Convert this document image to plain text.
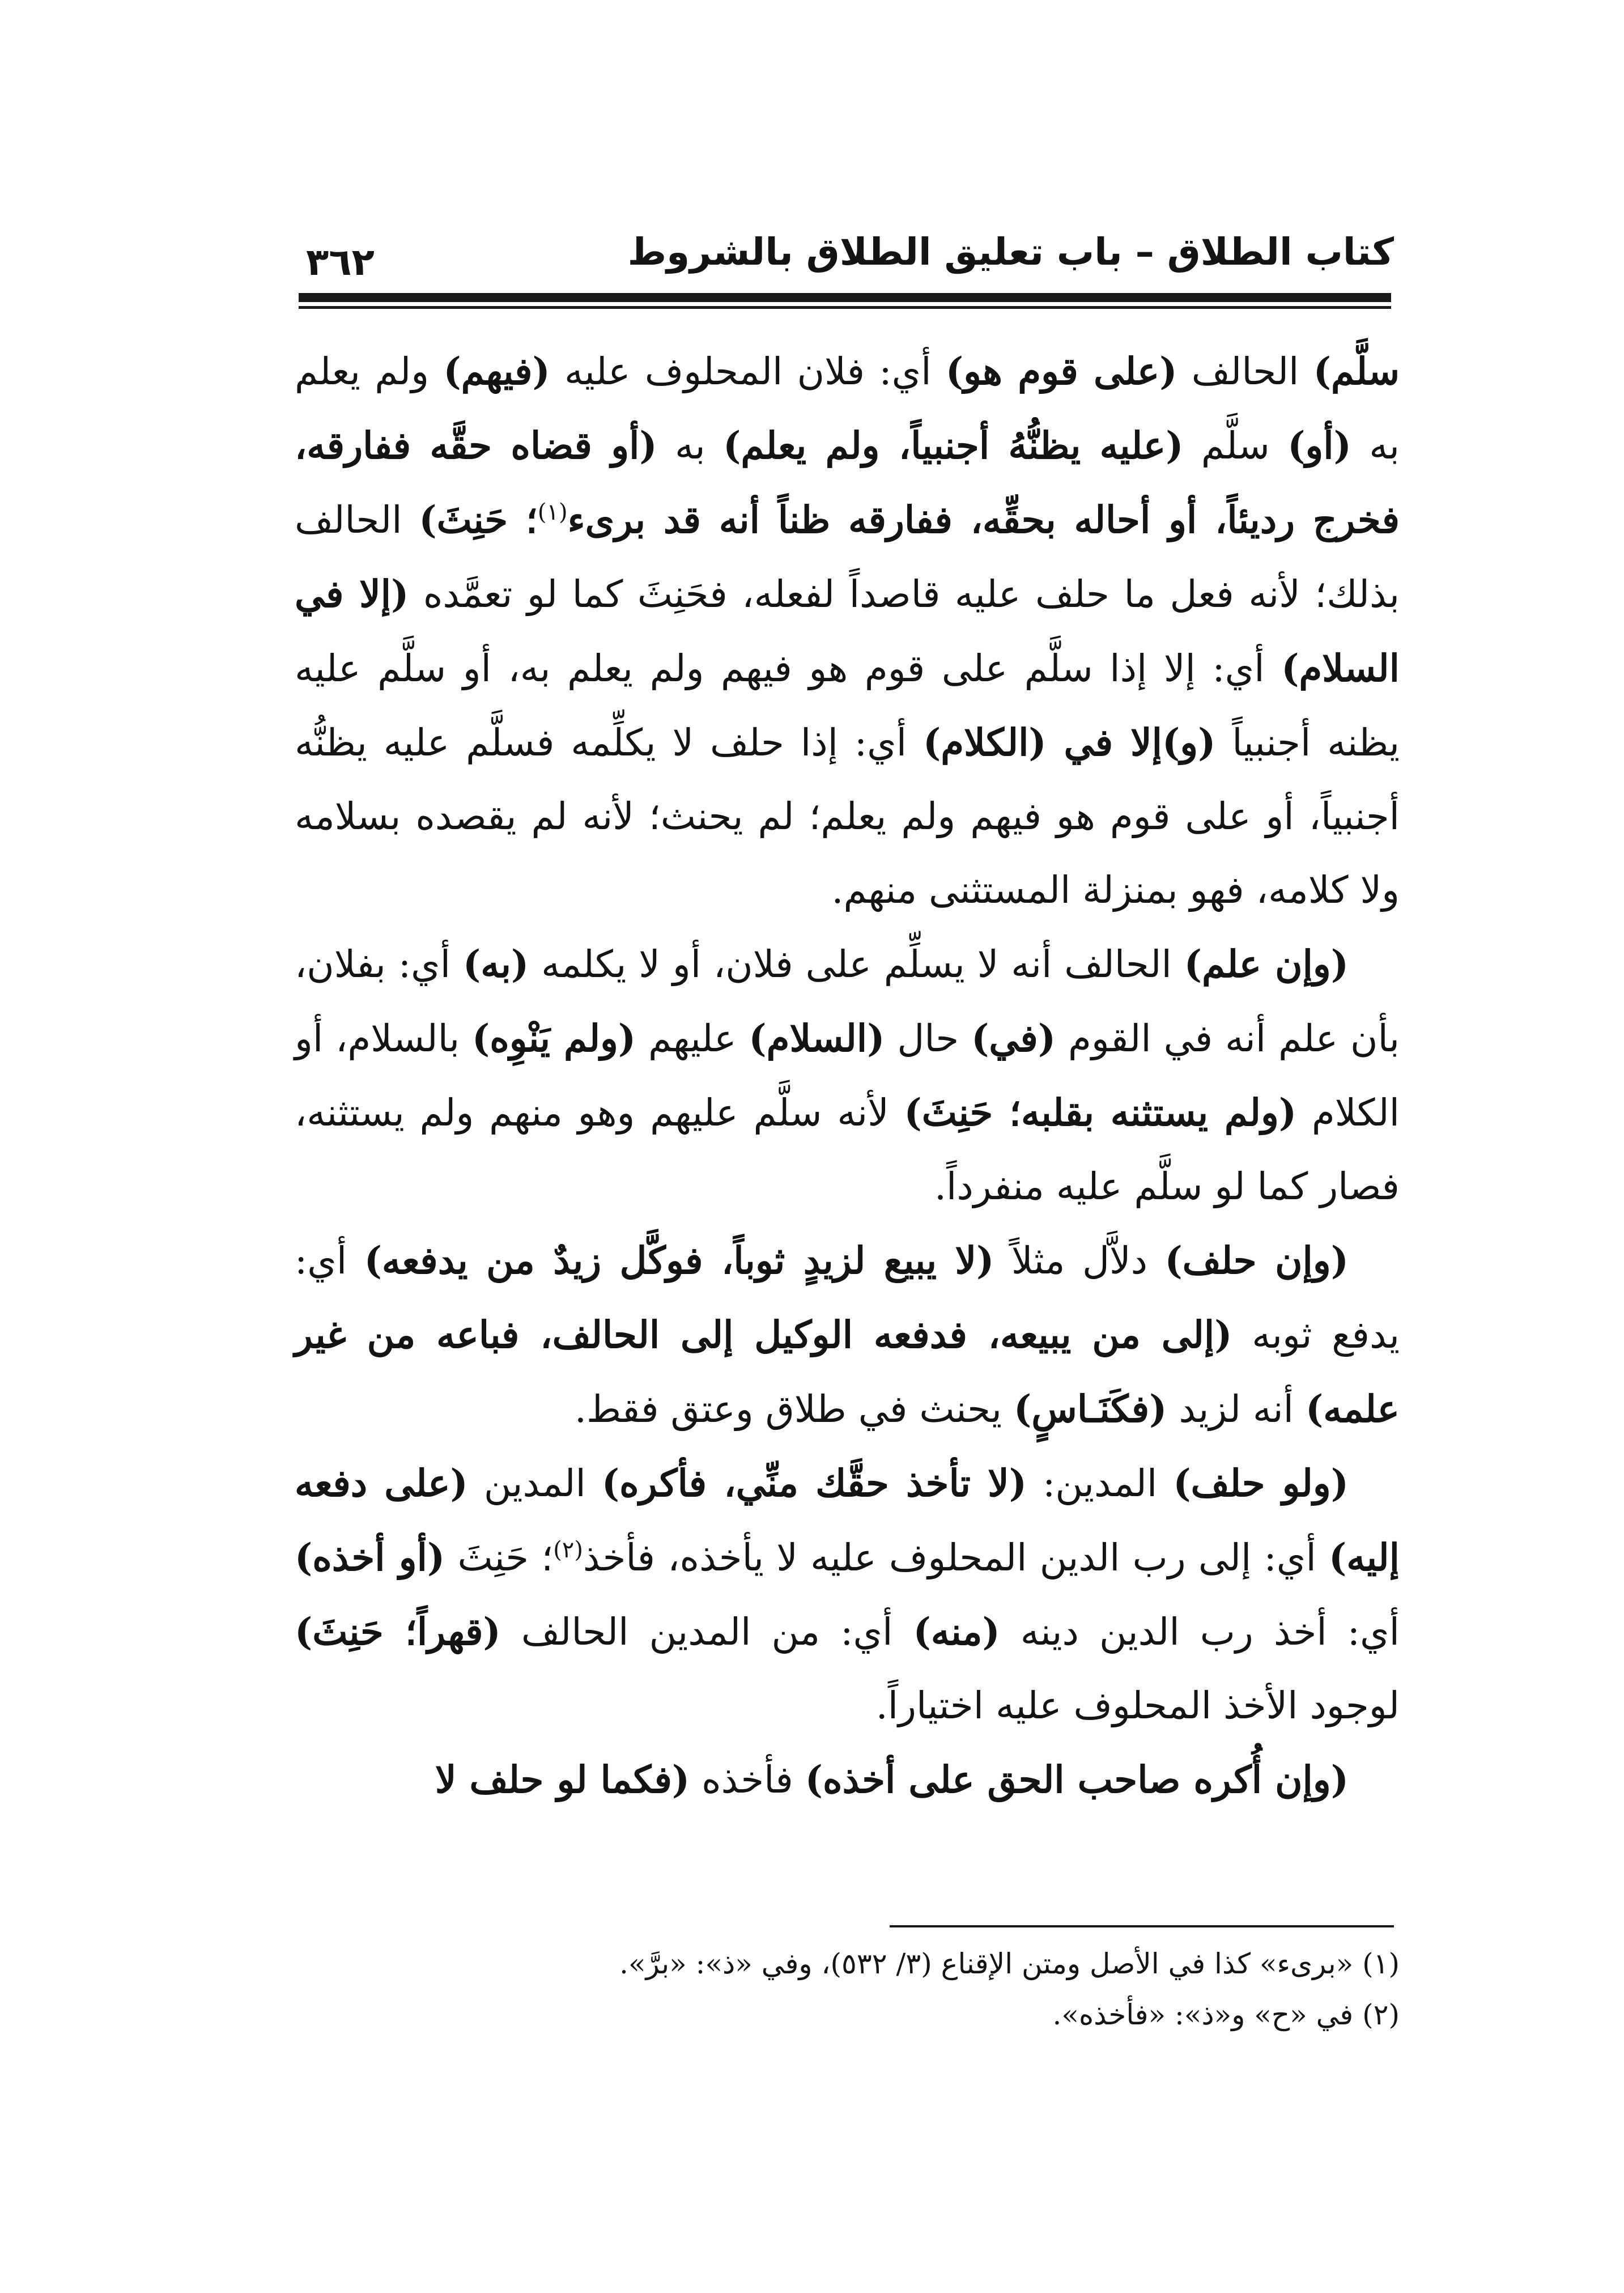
كتاب الطلاق – باب تعليق الطلاق بالشروط
٣٦٢

سلَّم) الحالف (على قوم هو) أي: فلان المحلوف عليه (فيهم) ولم يعلم به (أو) سلَّم (عليه يظنُّهُ أجنبياً، ولم يعلم) به (أو قضاه حقَّه ففارقه، فخرج رديئاً، أو أحاله بحقِّه، ففارقه ظناً أنه قد برىء$^{(١)}$؛ حَنِثَ) الحالف بذلك؛ لأنه فعل ما حلف عليه قاصداً لفعله، فحَنِثَ كما لو تعمَّده (إلا في السلام) أي: إلا إذا سلَّم على قوم هو فيهم ولم يعلم به، أو سلَّم عليه يظنه أجنبياً (و)إلا في (الكلام) أي: إذا حلف لا يكلِّمه فسلَّم عليه يظنُّه أجنبياً، أو على قوم هو فيهم ولم يعلم؛ لم يحنث؛ لأنه لم يقصده بسلامه ولا كلامه، فهو بمنزلة المستثنى منهم.

(وإن علم) الحالف أنه لا يسلِّم على فلان، أو لا يكلمه (به) أي: بفلان، بأن علم أنه في القوم (في) حال (السلام) عليهم (ولم يَنْوِه) بالسلام، أو الكلام (ولم يستثنه بقلبه؛ حَنِثَ) لأنه سلَّم عليهم وهو منهم ولم يستثنه، فصار كما لو سلَّم عليه منفرداً.

(وإن حلف) دلاَّل مثلاً (لا يبيع لزيدٍ ثوباً، فوكَّل زيدٌ من يدفعه) أي: يدفع ثوبه (إلى من يبيعه، فدفعه الوكيل إلى الحالف، فباعه من غير علمه) أنه لزيد (فكَنَـاسٍ) يحنث في طلاق وعتق فقط.

(ولو حلف) المدين: (لا تأخذ حقَّك منِّي، فأكره) المدين (على دفعه إليه) أي: إلى رب الدين المحلوف عليه لا يأخذه، فأخذ$^{(٢)}$؛ حَنِثَ (أو أخذه) أي: أخذ رب الدين دينه (منه) أي: من المدين الحالف (قهراً؛ حَنِثَ) لوجود الأخذ المحلوف عليه اختياراً.

(وإن أُكره صاحب الحق على أخذه) فأخذه (فكما لو حلف لا

(١) «برىء» كذا في الأصل ومتن الإقناع (٣/ ٥٣٢)، وفي «ذ»: «برَّ».

(٢) في «ح» و«ذ»: «فأخذه».
